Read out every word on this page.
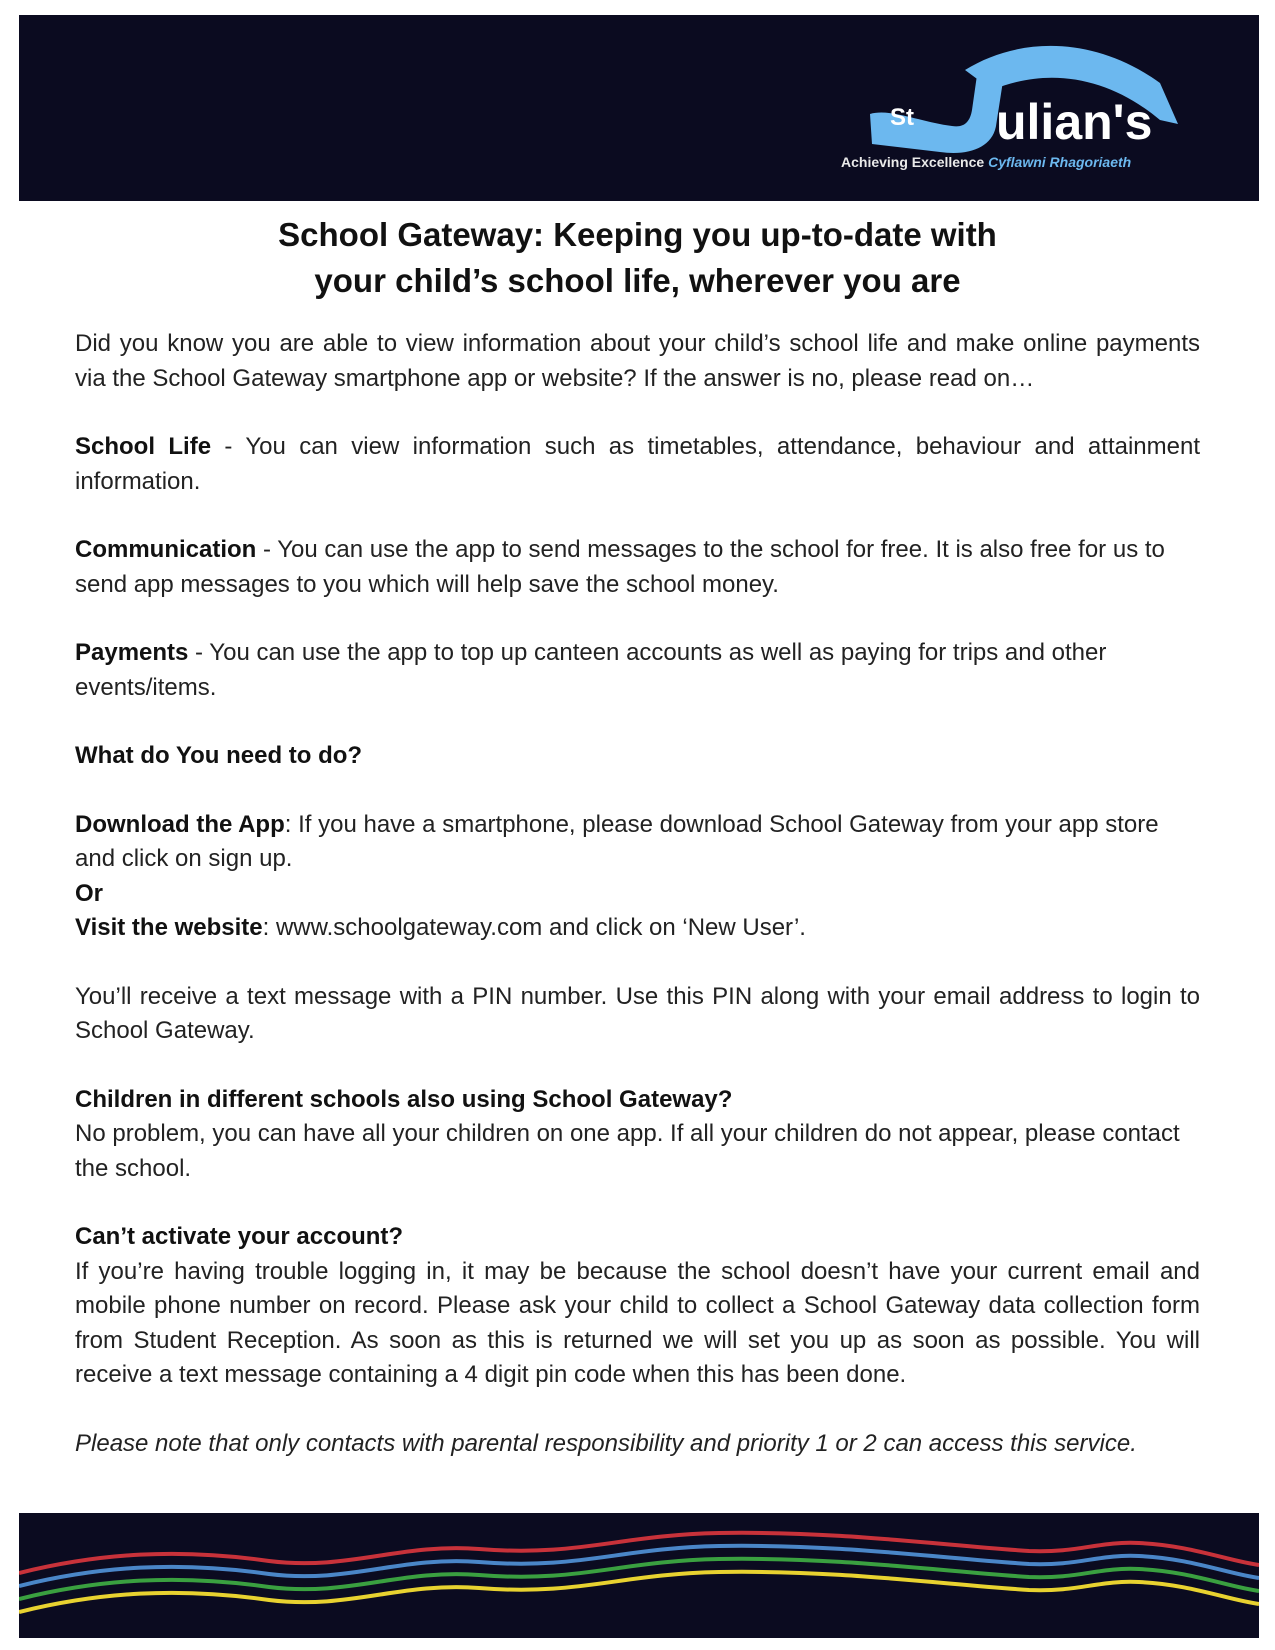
St ulian's
Achieving Excellence Cyflawni Rhagoriaeth
School Gateway: Keeping you up-to-date with
your child’s school life, wherever you are

Did you know you are able to view information about your child’s school life and make online payments via the School Gateway smartphone app or website? If the answer is no, please read on…

School Life - You can view information such as timetables, attendance, behaviour and attainment information.

Communication - You can use the app to send messages to the school for free. It is also free for us to send app messages to you which will help save the school money.

Payments - You can use the app to top up canteen accounts as well as paying for trips and other events/items.

What do You need to do?

Download the App: If you have a smartphone, please download School Gateway from your app store and click on sign up.

Or

Visit the website: www.schoolgateway.com and click on ‘New User’.

You’ll receive a text message with a PIN number. Use this PIN along with your email address to login to School Gateway.

Children in different schools also using School Gateway?

No problem, you can have all your children on one app. If all your children do not appear, please contact the school.

Can’t activate your account?

If you’re having trouble logging in, it may be because the school doesn’t have your current email and mobile phone number on record. Please ask your child to collect a School Gateway data collection form from Student Reception. As soon as this is returned we will set you up as soon as possible. You will receive a text message containing a 4 digit pin code when this has been done.

Please note that only contacts with parental responsibility and priority 1 or 2 can access this service.
